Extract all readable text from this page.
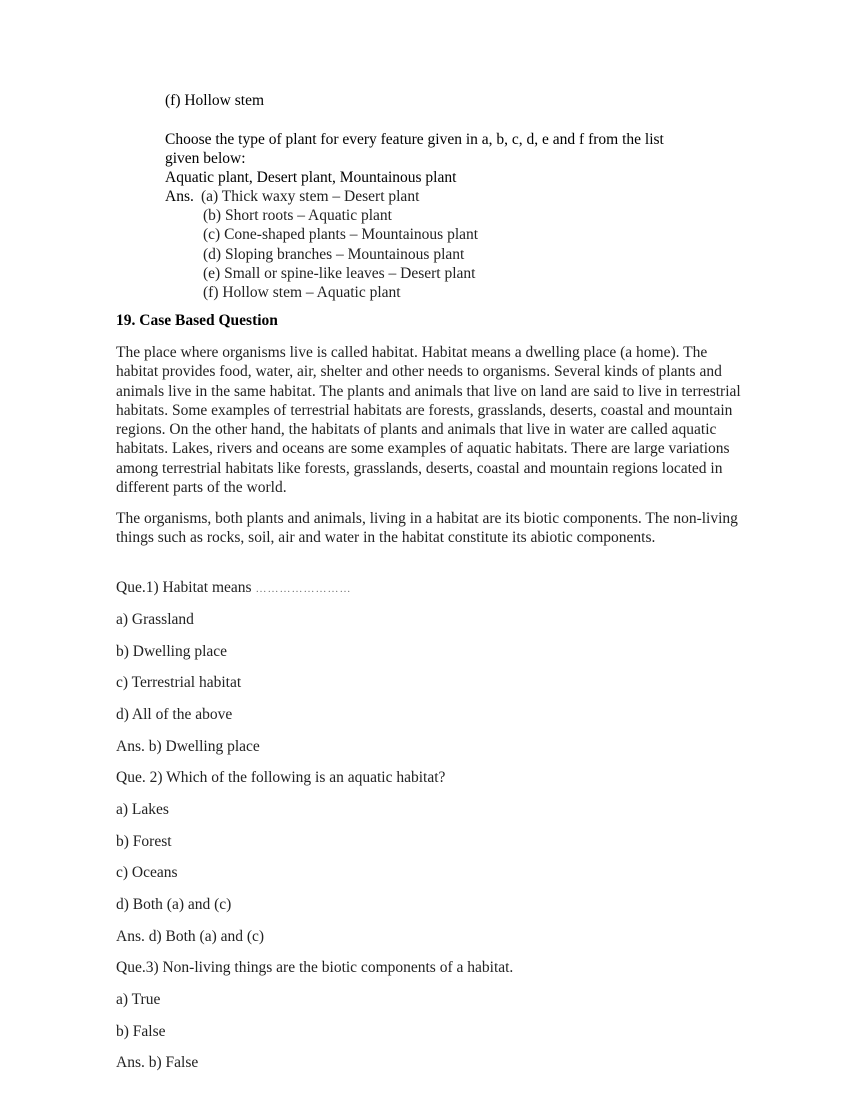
(f) Hollow stem
Choose the type of plant for every feature given in a, b, c, d, e and f from the list
given below:
Aquatic plant, Desert plant, Mountainous plant
Ans. (a) Thick waxy stem – Desert plant
(b) Short roots – Aquatic plant
(c) Cone-shaped plants – Mountainous plant
(d) Sloping branches – Mountainous plant
(e) Small or spine-like leaves – Desert plant
(f) Hollow stem – Aquatic plant
19. Case Based Question
The place where organisms live is called habitat. Habitat means a dwelling place (a home). The habitat provides food, water, air, shelter and other needs to organisms. Several kinds of plants and animals live in the same habitat. The plants and animals that live on land are said to live in terrestrial habitats. Some examples of terrestrial habitats are forests, grasslands, deserts, coastal and mountain regions. On the other hand, the habitats of plants and animals that live in water are called aquatic habitats. Lakes, rivers and oceans are some examples of aquatic habitats. There are large variations among terrestrial habitats like forests, grasslands, deserts, coastal and mountain regions located in different parts of the world.
The organisms, both plants and animals, living in a habitat are its biotic components. The non-living things such as rocks, soil, air and water in the habitat constitute its abiotic components.
Que.1) Habitat means ……………………
a) Grassland
b) Dwelling place
c) Terrestrial habitat
d) All of the above
Ans. b) Dwelling place
Que. 2) Which of the following is an aquatic habitat?
a) Lakes
b) Forest
c) Oceans
d) Both (a) and (c)
Ans. d) Both (a) and (c)
Que.3) Non-living things are the biotic components of a habitat.
a) True
b) False
Ans. b) False
